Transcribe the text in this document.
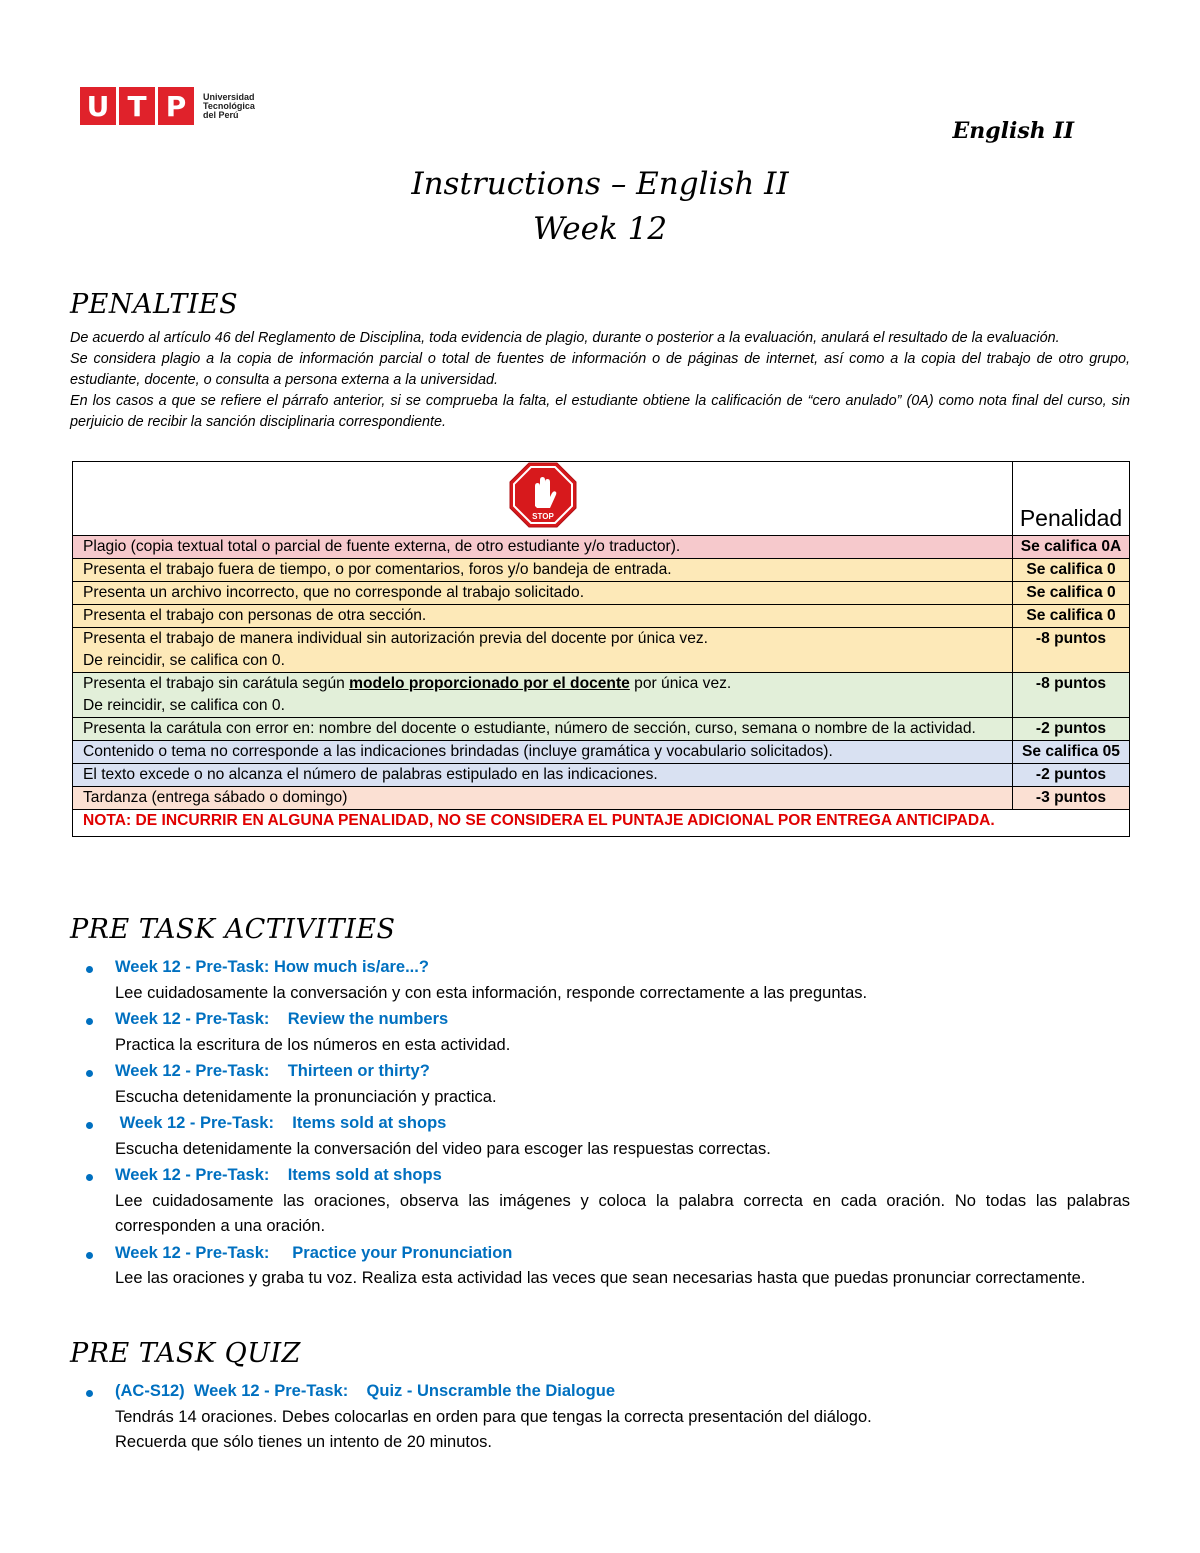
U T P	Universidad
Tecnológica
del Perú
English II
Instructions – English II
Week 12
PENALTIES

De acuerdo al artículo 46 del Reglamento de Disciplina, toda evidencia de plagio, durante o posterior a la evaluación, anulará el resultado de la evaluación.

Se considera plagio a la copia de información parcial o total de fuentes de información o de páginas de internet, así como a la copia del trabajo de otro grupo, estudiante, docente, o consulta a persona externa a la universidad.

En los casos a que se refiere el párrafo anterior, si se comprueba la falta, el estudiante obtiene la calificación de “cero anulado” (0A) como nota final del curso, sin perjuicio de recibir la sanción disciplinaria correspondiente.

STOP	Penalidad
Plagio (copia textual total o parcial de fuente externa, de otro estudiante y/o traductor).	Se califica 0A
Presenta el trabajo fuera de tiempo, o por comentarios, foros y/o bandeja de entrada.	Se califica 0
Presenta un archivo incorrecto, que no corresponde al trabajo solicitado.	Se califica 0
Presenta el trabajo con personas de otra sección.	Se califica 0

Presenta el trabajo de manera individual sin autorización previa del docente por única vez.
De reincidir, se califica con 0.	-8 puntos

Presenta el trabajo sin carátula según modelo proporcionado por el docente por única vez.
De reincidir, se califica con 0.	-8 puntos
Presenta la carátula con error en: nombre del docente o estudiante, número de sección, curso, semana o nombre de la actividad.	-2 puntos
Contenido o tema no corresponde a las indicaciones brindadas (incluye gramática y vocabulario solicitados).	Se califica 05
El texto excede o no alcanza el número de palabras estipulado en las indicaciones.	-2 puntos
Tardanza (entrega sábado o domingo)	-3 puntos
NOTA: DE INCURRIR EN ALGUNA PENALIDAD, NO SE CONSIDERA EL PUNTAJE ADICIONAL POR ENTREGA ANTICIPADA.	
PRE TASK ACTIVITIES
Week 12 - Pre-Task: How much is/are...?
Lee cuidadosamente la conversación y con esta información, responde correctamente a las preguntas.
Week 12 - Pre-Task:    Review the numbers
Practica la escritura de los números en esta actividad.
Week 12 - Pre-Task:    Thirteen or thirty?
Escucha detenidamente la pronunciación y practica.
Week 12 - Pre-Task:    Items sold at shops
Escucha detenidamente la conversación del video para escoger las respuestas correctas.
Week 12 - Pre-Task:    Items sold at shops
Lee cuidadosamente las oraciones, observa las imágenes y coloca la palabra correcta en cada oración. No todas las palabras corresponden a una oración.
Week 12 - Pre-Task:     Practice your Pronunciation
Lee las oraciones y graba tu voz. Realiza esta actividad las veces que sean necesarias hasta que puedas pronunciar correctamente.
PRE TASK QUIZ
(AC-S12)  Week 12 - Pre-Task:    Quiz - Unscramble the Dialogue
Tendrás 14 oraciones. Debes colocarlas en orden para que tengas la correcta presentación del diálogo.
Recuerda que sólo tienes un intento de 20 minutos.
